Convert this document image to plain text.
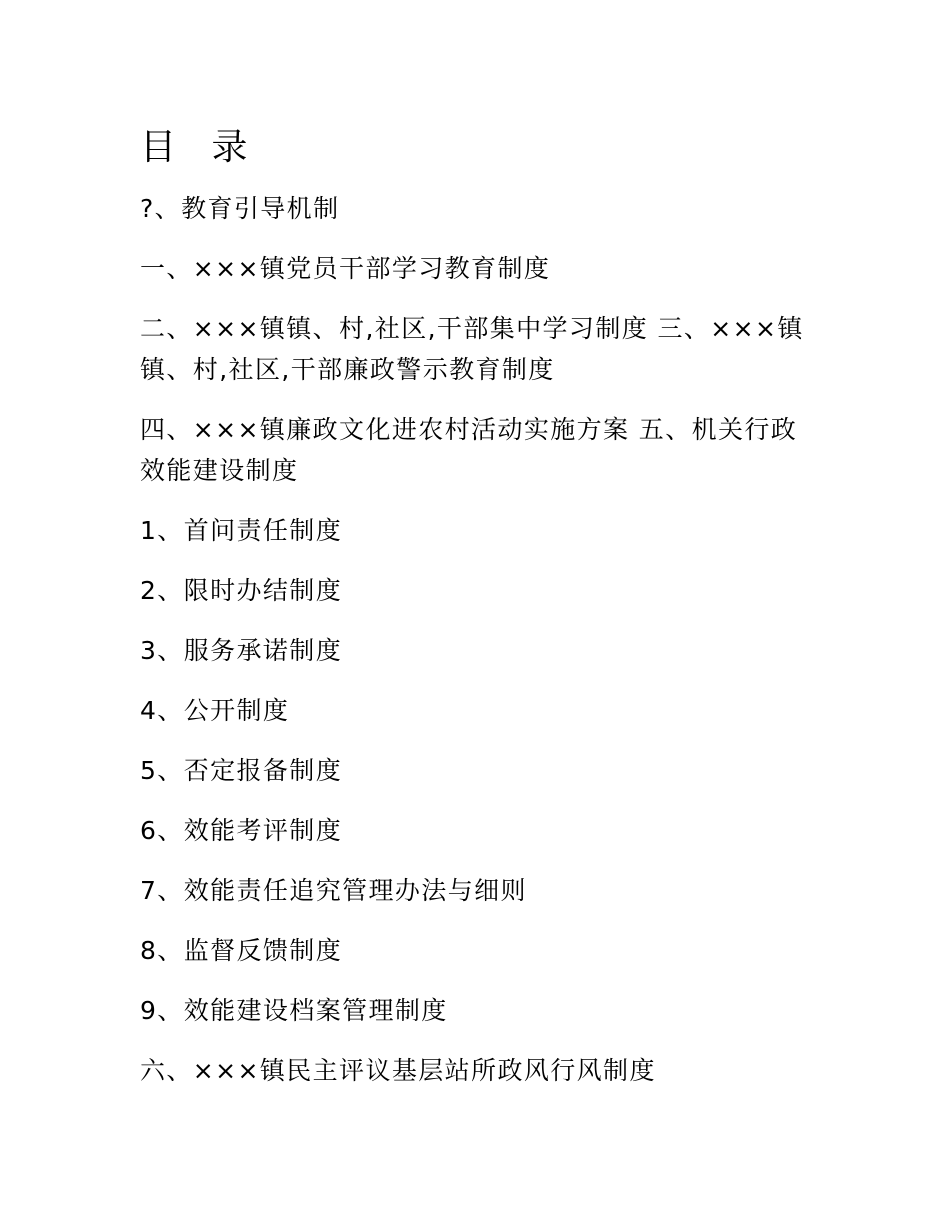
目 录
?、教育引导机制
一、×××镇党员干部学习教育制度
二、×××镇镇、村,社区,干部集中学习制度 三、×××镇镇、村,社区,干部廉政警示教育制度
四、×××镇廉政文化进农村活动实施方案 五、机关行政效能建设制度
1、首问责任制度
2、限时办结制度
3、服务承诺制度
4、公开制度
5、否定报备制度
6、效能考评制度
7、效能责任追究管理办法与细则
8、监督反馈制度
9、效能建设档案管理制度
六、×××镇民主评议基层站所政风行风制度
